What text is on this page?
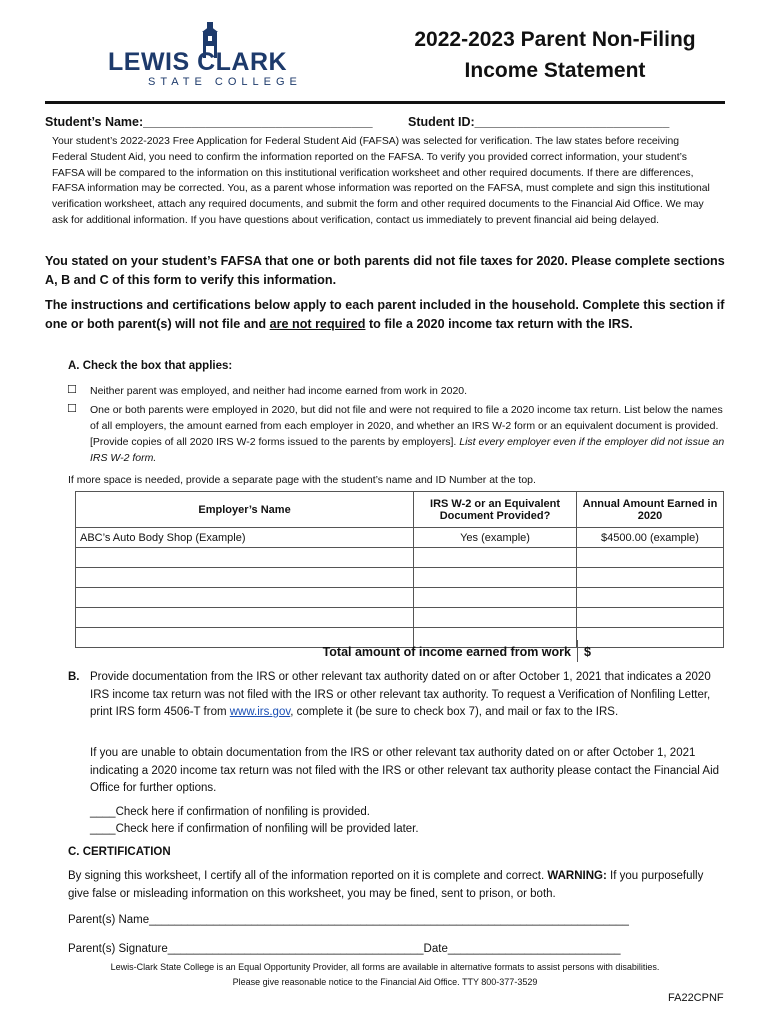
LEWIS CLARK
STATE COLLEGE
2022-2023 Parent Non-Filing
Income Statement
Student’s Name:_________________________________	Student ID:____________________________
Your student’s 2022-2023 Free Application for Federal Student Aid (FAFSA) was selected for verification. The law states before receiving Federal Student Aid, you need to confirm the information reported on the FAFSA. To verify you provided correct information, your student’s FAFSA will be compared to the information on this institutional verification worksheet and other required documents. If there are differences, FAFSA information may be corrected. You, as a parent whose information was reported on the FAFSA, must complete and sign this institutional verification worksheet, attach any required documents, and submit the form and other required documents to the Financial Aid Office. We may ask for additional information. If you have questions about verification, contact us immediately to prevent financial aid being delayed.
You stated on your student’s FAFSA that one or both parents did not file taxes for 2020. Please complete sections A, B and C of this form to verify this information.
The instructions and certifications below apply to each parent included in the household. Complete this section if one or both parent(s) will not file and are not required to file a 2020 income tax return with the IRS.
A. Check the box that applies:
☐ Neither parent was employed, and neither had income earned from work in 2020.
☐ One or both parents were employed in 2020, but did not file and were not required to file a 2020 income tax return. List below the names of all employers, the amount earned from each employer in 2020, and whether an IRS W-2 form or an equivalent document is provided. [Provide copies of all 2020 IRS W-2 forms issued to the parents by employers]. List every employer even if the employer did not issue an IRS W-2 form.
If more space is needed, provide a separate page with the student’s name and ID Number at the top.
Employer’s Name	IRS W-2 or an Equivalent Document Provided?	Annual Amount Earned in 2020
ABC’s Auto Body Shop (Example)	Yes (example)	$4500.00 (example)

Total amount of income earned from work $
B. Provide documentation from the IRS or other relevant tax authority dated on or after October 1, 2021 that indicates a 2020 IRS income tax return was not filed with the IRS or other relevant tax authority. To request a Verification of Nonfiling Letter, print IRS form 4506-T from www.irs.gov, complete it (be sure to check box 7), and mail or fax to the IRS.
If you are unable to obtain documentation from the IRS or other relevant tax authority dated on or after October 1, 2021 indicating a 2020 income tax return was not filed with the IRS or other relevant tax authority please contact the Financial Aid Office for further options.
____Check here if confirmation of nonfiling is provided.
____Check here if confirmation of nonfiling will be provided later.
C. CERTIFICATION
By signing this worksheet, I certify all of the information reported on it is complete and correct. WARNING: If you purposefully give false or misleading information on this worksheet, you may be fined, sent to prison, or both.
Parent(s) Name___________________________________________________________________________
Parent(s) Signature________________________________________Date___________________________
Lewis-Clark State College is an Equal Opportunity Provider, all forms are available in alternative formats to assist persons with disabilities.
Please give reasonable notice to the Financial Aid Office. TTY 800-377-3529
FA22CPNF
